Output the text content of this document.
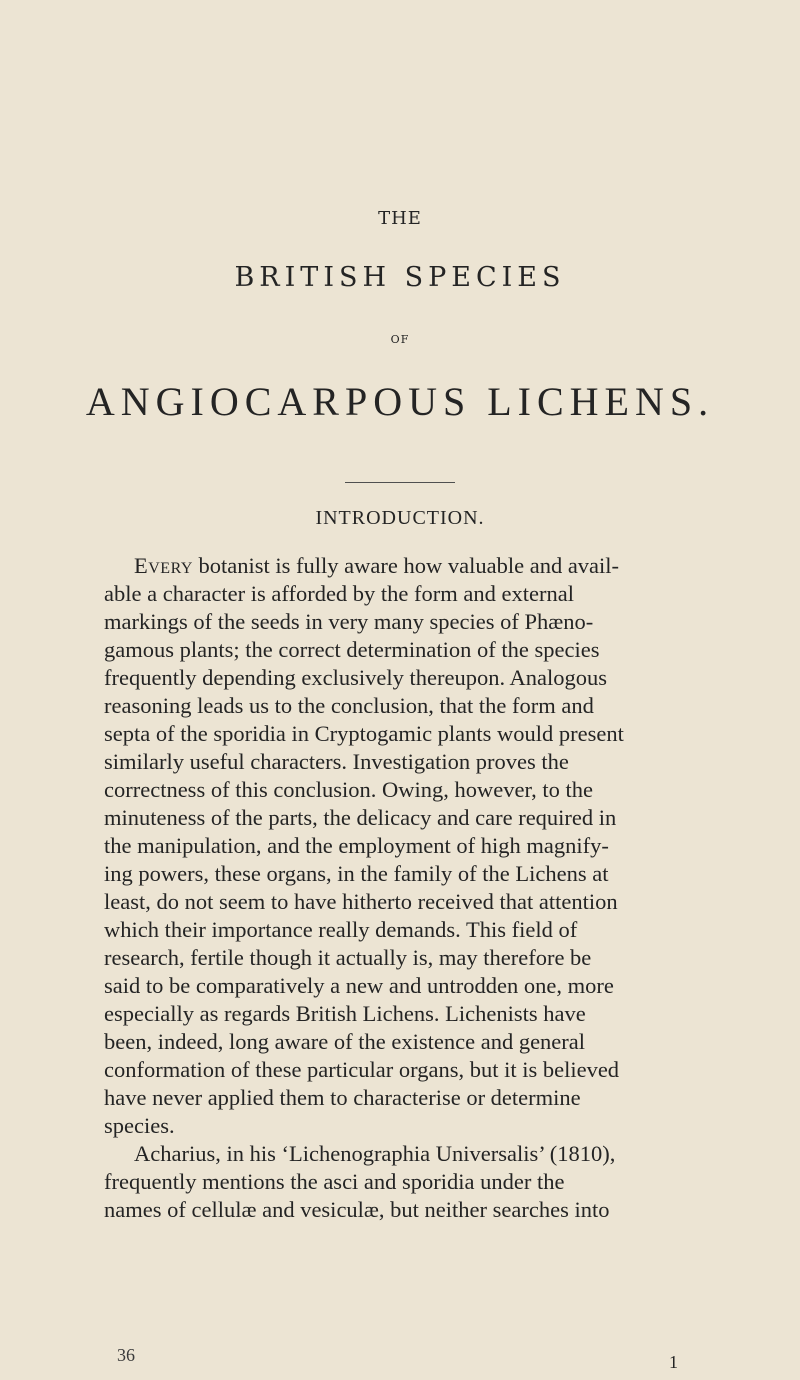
THE
BRITISH SPECIES
OF
ANGIOCARPOUS LICHENS.
INTRODUCTION.
Every botanist is fully aware how valuable and avail-
able a character is afforded by the form and external
markings of the seeds in very many species of Phæno-
gamous plants; the correct determination of the species
frequently depending exclusively thereupon. Analogous
reasoning leads us to the conclusion, that the form and
septa of the sporidia in Cryptogamic plants would present
similarly useful characters. Investigation proves the
correctness of this conclusion. Owing, however, to the
minuteness of the parts, the delicacy and care required in
the manipulation, and the employment of high magnify-
ing powers, these organs, in the family of the Lichens at
least, do not seem to have hitherto received that attention
which their importance really demands. This field of
research, fertile though it actually is, may therefore be
said to be comparatively a new and untrodden one, more
especially as regards British Lichens. Lichenists have
been, indeed, long aware of the existence and general
conformation of these particular organs, but it is believed
have never applied them to characterise or determine
species.
Acharius, in his ‘Lichenographia Universalis’ (1810),
frequently mentions the asci and sporidia under the
names of cellulæ and vesiculæ, but neither searches into
36	1
